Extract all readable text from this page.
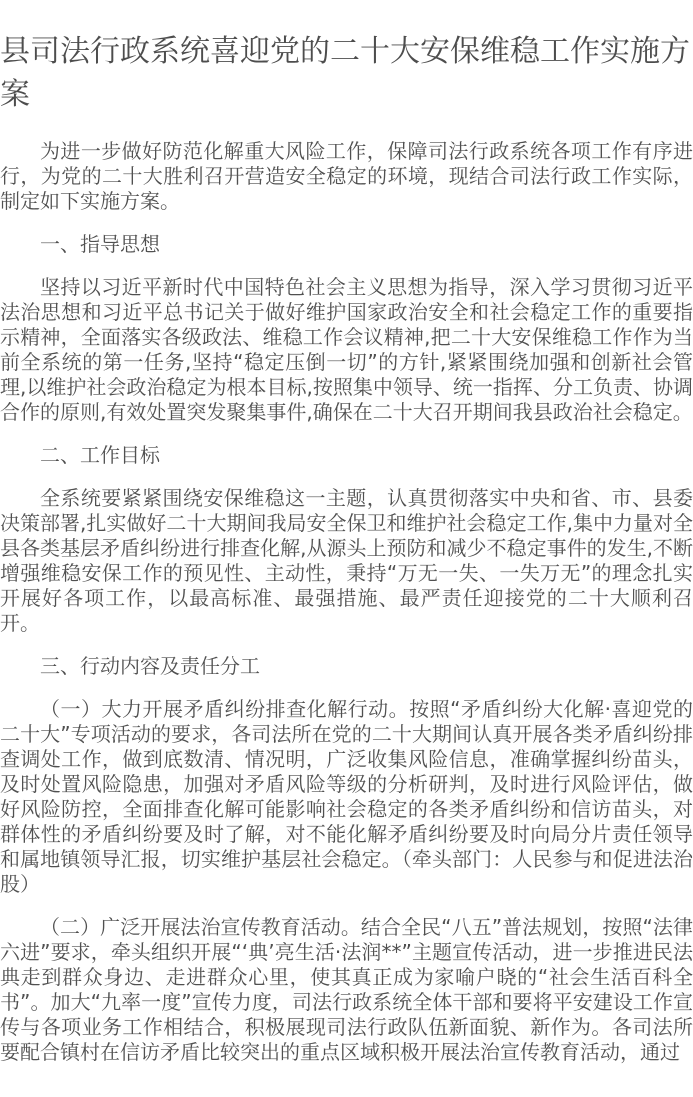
县司法行政系统喜迎党的二十大安保维稳工作实施方案

为进一步做好防范化解重大风险工作，保障司法行政系统各项工作有序进行，为党的二十大胜利召开营造安全稳定的环境，现结合司法行政工作实际，制定如下实施方案。

一、指导思想

坚持以习近平新时代中国特色社会主义思想为指导，深入学习贯彻习近平法治思想和习近平总书记关于做好维护国家政治安全和社会稳定工作的重要指示精神，全面落实各级政法、维稳工作会议精神,把二十大安保维稳工作作为当前全系统的第一任务,坚持“稳定压倒一切”的方针,紧紧围绕加强和创新社会管理,以维护社会政治稳定为根本目标,按照集中领导、统一指挥、分工负责、协调合作的原则,有效处置突发聚集事件,确保在二十大召开期间我县政治社会稳定。

二、工作目标

全系统要紧紧围绕安保维稳这一主题，认真贯彻落实中央和省、市、县委决策部署,扎实做好二十大期间我局安全保卫和维护社会稳定工作,集中力量对全县各类基层矛盾纠纷进行排查化解,从源头上预防和减少不稳定事件的发生,不断增强维稳安保工作的预见性、主动性，秉持“万无一失、一失万无”的理念扎实开展好各项工作，以最高标准、最强措施、最严责任迎接党的二十大顺利召开。

三、行动内容及责任分工

（一）大力开展矛盾纠纷排查化解行动。按照“矛盾纠纷大化解·喜迎党的二十大”专项活动的要求，各司法所在党的二十大期间认真开展各类矛盾纠纷排查调处工作，做到底数清、情况明，广泛收集风险信息，准确掌握纠纷苗头，及时处置风险隐患，加强对矛盾风险等级的分析研判，及时进行风险评估，做好风险防控，全面排查化解可能影响社会稳定的各类矛盾纠纷和信访苗头，对群体性的矛盾纠纷要及时了解，对不能化解矛盾纠纷要及时向局分片责任领导和属地镇领导汇报，切实维护基层社会稳定。（牵头部门：人民参与和促进法治股）

（二）广泛开展法治宣传教育活动。结合全民“八五”普法规划，按照“法律六进”要求，牵头组织开展“‘典’亮生活·法润**”主题宣传活动，进一步推进民法典走到群众身边、走进群众心里，使其真正成为家喻户晓的“社会生活百科全书”。加大“九率一度”宣传力度，司法行政系统全体干部和要将平安建设工作宣传与各项业务工作相结合，积极展现司法行政队伍新面貌、新作为。各司法所要配合镇村在信访矛盾比较突出的重点区域积极开展法治宣传教育活动，通过
